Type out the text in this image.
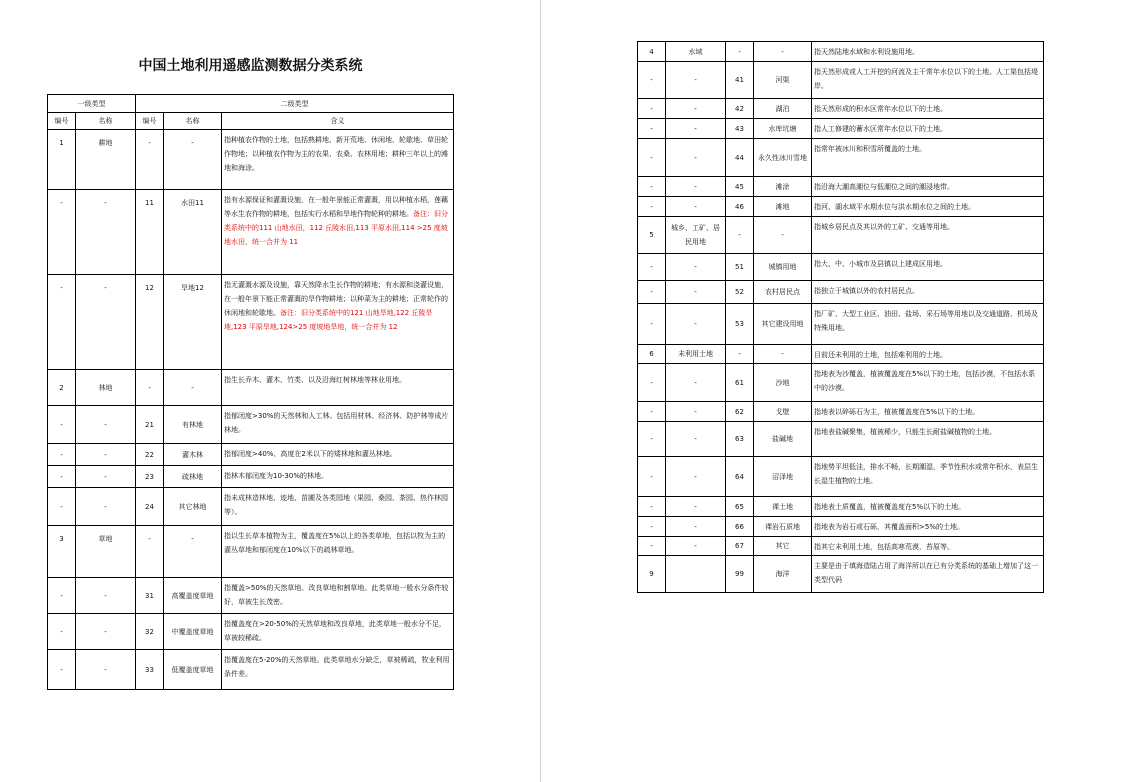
中国土地利用遥感监测数据分类系统
一级类型		二级类型		
编号	名称	编号	名称	含义
1	耕地	-	-	指种植农作物的土地，包括熟耕地、新开荒地、休闲地、轮歇地、草田轮作物地；以种植农作物为主的农果、农桑、农林用地；耕种三年以上的滩地和海涂。
-	-	11	水田11	指有水源保证和灌溉设施，在一般年景能正常灌溉，用以种植水稻，莲藕等水生农作物的耕地，包括实行水稻和旱地作物轮种的耕地。备注：旧分类系统中的111 山地水田，112 丘陵水田,113 平原水田,114 >25 度坡地水田，统一合并为 11
-	-	12	旱地12	指无灌溉水源及设施，靠天然降水生长作物的耕地；有水源和浇灌设施，在一般年景下能正常灌溉的旱作物耕地；以种菜为主的耕地；正常轮作的休闲地和轮歇地。备注：旧分类系统中的121 山地旱地,122 丘陵旱地,123 平原旱地,124>25 度坡地旱地，统一合并为 12
2	林地	-	-	指生长乔木、灌木、竹类、以及沿海红树林地等林业用地。
-	-	21	有林地	指郁闭度>30%的天然林和人工林。包括用材林、经济林、防护林等成片林地。
-	-	22	灌木林	指郁闭度>40%、高度在2米以下的矮林地和灌丛林地。
-	-	23	疏林地	指林木郁闭度为10-30%的林地。
-	-	24	其它林地	指未成林造林地、迹地、苗圃及各类园地（果园、桑园、茶园、热作林园等）。
3	草地	-	-	指以生长草本植物为主，覆盖度在5%以上的各类草地，包括以牧为主的灌丛草地和郁闭度在10%以下的疏林草地。
-	-	31	高覆盖度草地	指覆盖>50%的天然草地、改良草地和割草地。此类草地一般水分条件较好，草被生长茂密。
-	-	32	中覆盖度草地	指覆盖度在>20-50%的天然草地和改良草地，此类草地一般水分不足，草被较稀疏。
-	-	33	低覆盖度草地	指覆盖度在5-20%的天然草地。此类草地水分缺乏，草被稀疏，牧业利用条件差。
4	水域	-	-	指天然陆地水域和水利设施用地。
-	-	41	河渠	指天然形成或人工开挖的河流及主干常年水位以下的土地。人工渠包括堤岸。
-	-	42	湖泊	指天然形成的积水区常年水位以下的土地。
-	-	43	水库坑塘	指人工修建的蓄水区常年水位以下的土地。
-	-	44	永久性冰川雪地	指常年被冰川和积雪所覆盖的土地。
-	-	45	滩涂	指沿海大潮高潮位与低潮位之间的潮浸地带。
-	-	46	滩地	指河、湖水域平水期水位与洪水期水位之间的土地。
5	城乡、工矿、居民用地	-	-	指城乡居民点及其以外的工矿、交通等用地。
-	-	51	城镇用地	指大、中、小城市及县镇以上建成区用地。
-	-	52	农村居民点	指独立于城镇以外的农村居民点。
-	-	53	其它建设用地	指厂矿、大型工业区、油田、盐场、采石场等用地以及交通道路、机场及特殊用地。
6	未利用土地	-	-	目前还未利用的土地，包括难利用的土地。
-	-	61	沙地	指地表为沙覆盖，植被覆盖度在5%以下的土地，包括沙漠，不包括水系中的沙漠。
-	-	62	戈壁	指地表以碎砾石为主，植被覆盖度在5%以下的土地。
-	-	63	盐碱地	指地表盐碱聚集，植被稀少，只能生长耐盐碱植物的土地。
-	-	64	沼泽地	指地势平坦低洼，排水不畅，长期潮湿，季节性积水或常年积水，表层生长湿生植物的土地。
-	-	65	裸土地	指地表土质覆盖，植被覆盖度在5%以下的土地。
-	-	66	裸岩石质地	指地表为岩石或石砾，其覆盖面积>5%的土地。
-	-	67	其它	指其它未利用土地，包括高寒荒漠，苔原等。
9		99	海洋	主要是由于填海造陆占用了海洋所以在已有分类系统的基础上增加了这一类型代码
